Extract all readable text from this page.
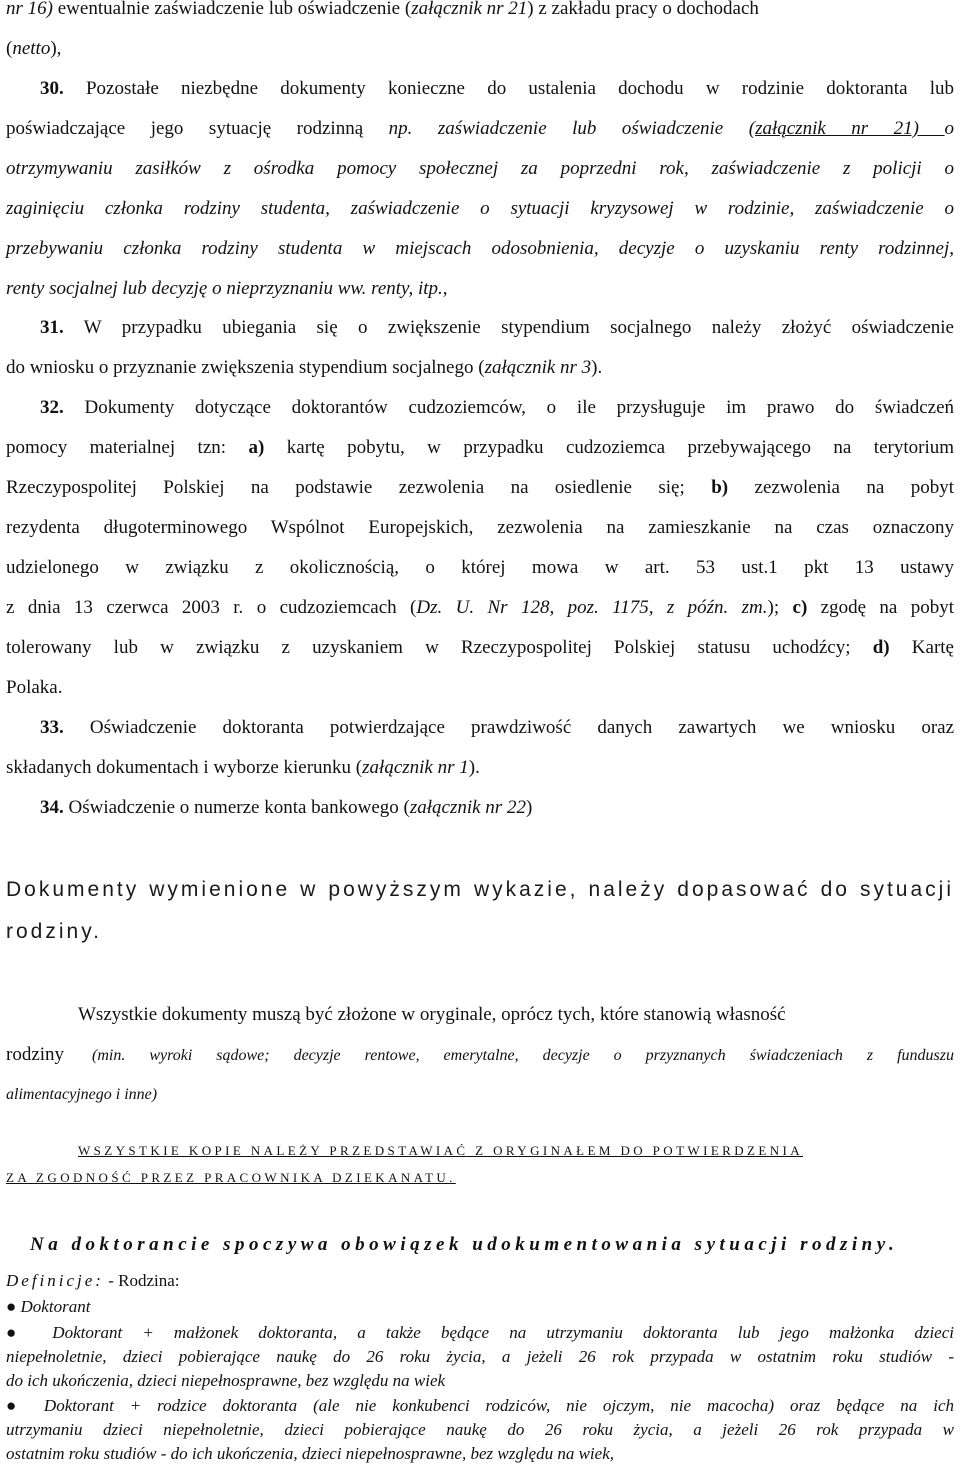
nr 16) ewentualnie zaświadczenie lub oświadczenie (załącznik nr 21) z zakładu pracy o dochodach
(netto),
30. Pozostałe niezbędne dokumenty konieczne do ustalenia dochodu w rodzinie doktoranta lub
poświadczające jego sytuację rodzinną np. zaświadczenie lub oświadczenie (załącznik nr 21) o
otrzymywaniu zasiłków z ośrodka pomocy społecznej za poprzedni rok, zaświadczenie z policji o
zaginięciu członka rodziny studenta, zaświadczenie o sytuacji kryzysowej w rodzinie, zaświadczenie o
przebywaniu członka rodziny studenta w miejscach odosobnienia, decyzje o uzyskaniu renty rodzinnej,
renty socjalnej lub decyzję o nieprzyznaniu ww. renty, itp.,
31. W przypadku ubiegania się o zwiększenie stypendium socjalnego należy złożyć oświadczenie
do wniosku o przyznanie zwiększenia stypendium socjalnego (załącznik nr 3).
32. Dokumenty dotyczące doktorantów cudzoziemców, o ile przysługuje im prawo do świadczeń
pomocy materialnej tzn: a) kartę pobytu, w przypadku cudzoziemca przebywającego na terytorium
Rzeczypospolitej Polskiej na podstawie zezwolenia na osiedlenie się; b) zezwolenia na pobyt
rezydenta długoterminowego Wspólnot Europejskich, zezwolenia na zamieszkanie na czas oznaczony
udzielonego w związku z okolicznością, o której mowa w art. 53 ust.1 pkt 13 ustawy
z dnia 13 czerwca 2003 r. o cudzoziemcach (Dz. U. Nr 128, poz. 1175, z późn. zm.); c) zgodę na pobyt
tolerowany lub w związku z uzyskaniem w Rzeczypospolitej Polskiej statusu uchodźcy; d) Kartę
Polaka.
33. Oświadczenie doktoranta potwierdzające prawdziwość danych zawartych we wniosku oraz
składanych dokumentach i wyborze kierunku (załącznik nr 1).
34. Oświadczenie o numerze konta bankowego (załącznik nr 22)
Dokumenty wymienione w powyższym wykazie, należy dopasować do sytuacji
rodziny.
Wszystkie dokumenty muszą być złożone w oryginale, oprócz tych, które stanowią własność
rodziny (min. wyroki sądowe; decyzje rentowe, emerytalne, decyzje o przyznanych świadczeniach z funduszu
alimentacyjnego i inne)
WSZYSTKIE KOPIE NALEŻY PRZEDSTAWIAĆ Z ORYGINAŁEM DO POTWIERDZENIA
ZA ZGODNOŚĆ PRZEZ PRACOWNIKA DZIEKANATU.
Na doktorancie spoczywa obowiązek udokumentowania sytuacji rodziny.
Definicje: - Rodzina:
● Doktorant
● Doktorant + małżonek doktoranta, a także będące na utrzymaniu doktoranta lub jego małżonka dzieci
niepełnoletnie, dzieci pobierające naukę do 26 roku życia, a jeżeli 26 rok przypada w ostatnim roku studiów -
do ich ukończenia, dzieci niepełnosprawne, bez względu na wiek
● Doktorant + rodzice doktoranta (ale nie konkubenci rodziców, nie ojczym, nie macocha) oraz będące na ich
utrzymaniu dzieci niepełnoletnie, dzieci pobierające naukę do 26 roku życia, a jeżeli 26 rok przypada w
ostatnim roku studiów - do ich ukończenia, dzieci niepełnosprawne, bez względu na wiek,
